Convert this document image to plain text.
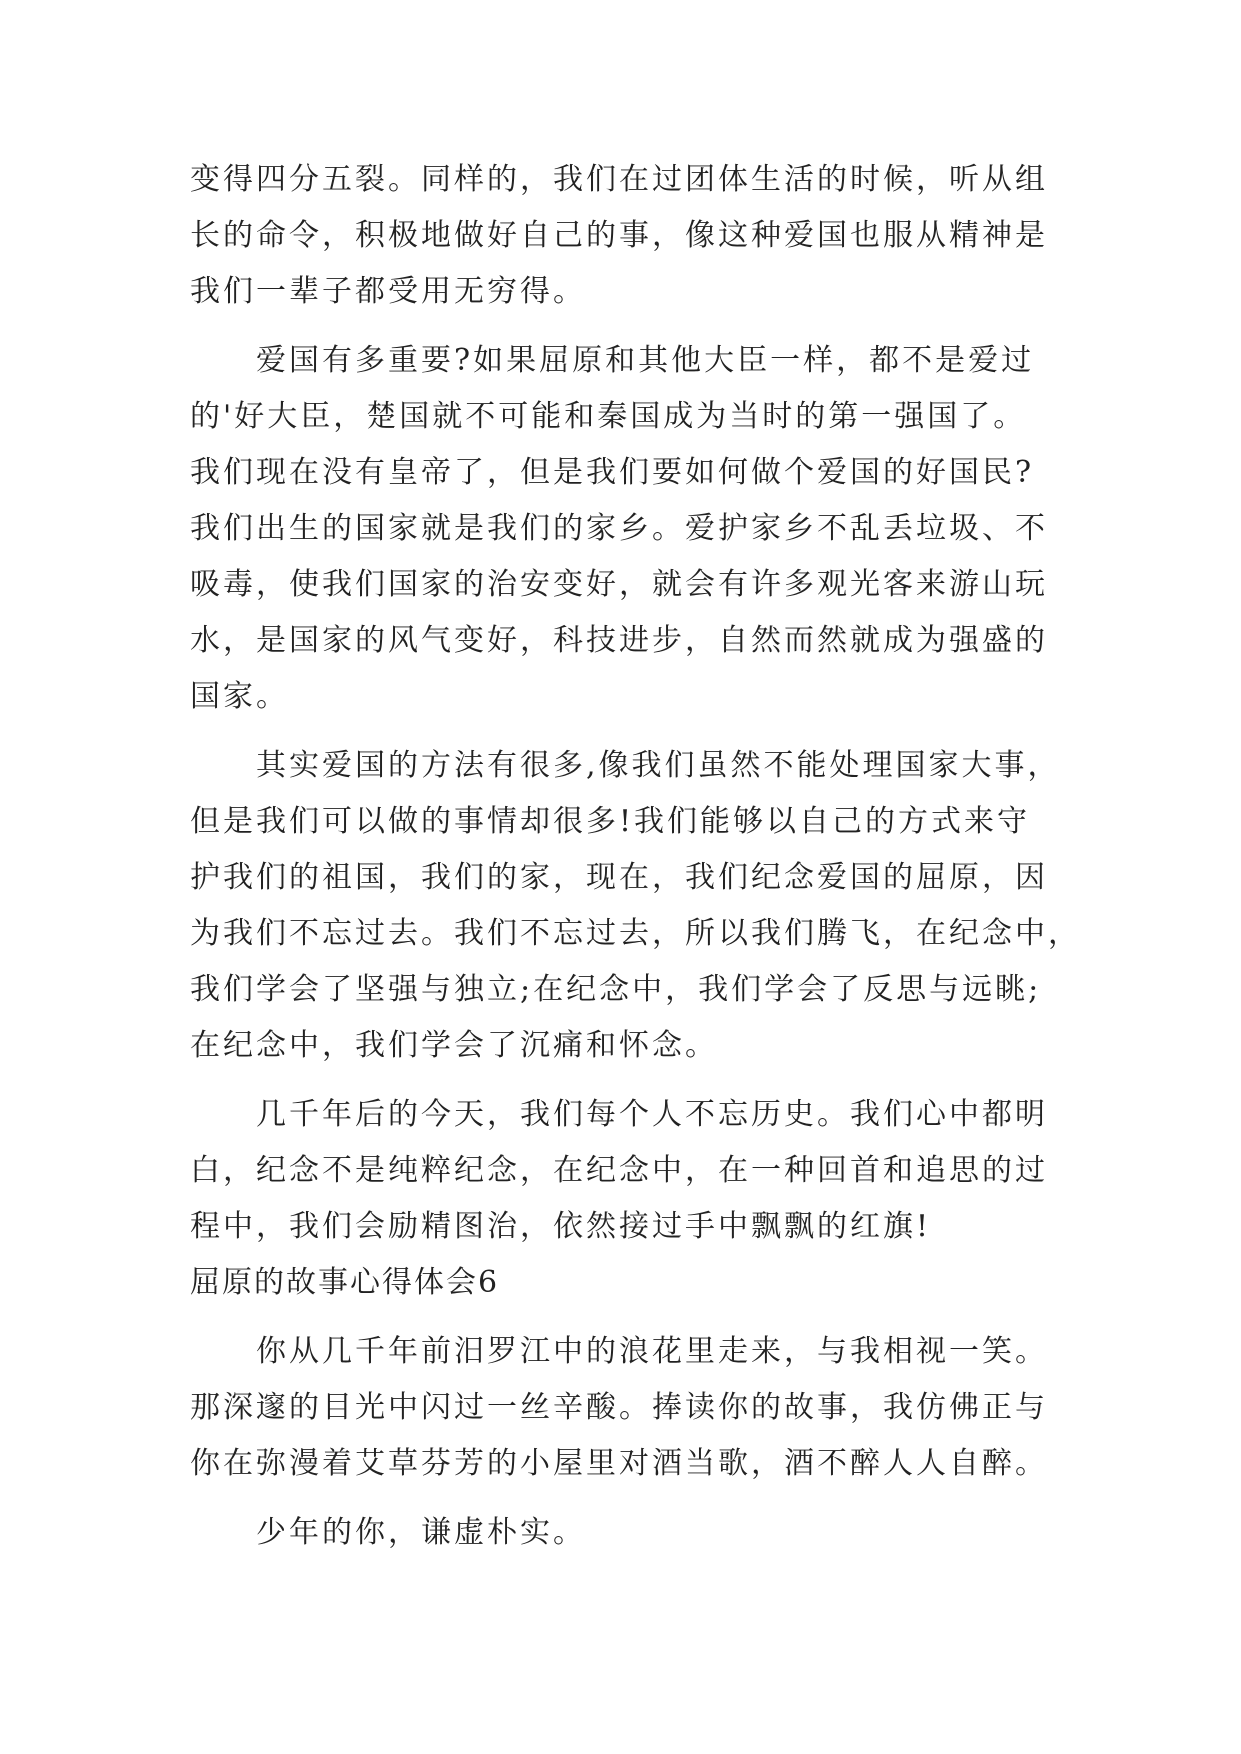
变得四分五裂。同样的，我们在过团体生活的时候，听从组
长的命令，积极地做好自己的事，像这种爱国也服从精神是
我们一辈子都受用无穷得。
爱国有多重要?如果屈原和其他大臣一样，都不是爱过
的'好大臣，楚国就不可能和秦国成为当时的第一强国了。
我们现在没有皇帝了，但是我们要如何做个爱国的好国民?
我们出生的国家就是我们的家乡。爱护家乡不乱丢垃圾、不
吸毒，使我们国家的治安变好，就会有许多观光客来游山玩
水，是国家的风气变好，科技进步，自然而然就成为强盛的
国家。
其实爱国的方法有很多,像我们虽然不能处理国家大事，
但是我们可以做的事情却很多!我们能够以自己的方式来守
护我们的祖国，我们的家，现在，我们纪念爱国的屈原，因
为我们不忘过去。我们不忘过去，所以我们腾飞，在纪念中，
我们学会了坚强与独立;在纪念中，我们学会了反思与远眺;
在纪念中，我们学会了沉痛和怀念。
几千年后的今天，我们每个人不忘历史。我们心中都明
白，纪念不是纯粹纪念，在纪念中，在一种回首和追思的过
程中，我们会励精图治，依然接过手中飘飘的红旗!
屈原的故事心得体会6
你从几千年前汨罗江中的浪花里走来，与我相视一笑。
那深邃的目光中闪过一丝辛酸。捧读你的故事，我仿佛正与
你在弥漫着艾草芬芳的小屋里对酒当歌，酒不醉人人自醉。
少年的你，谦虚朴实。
